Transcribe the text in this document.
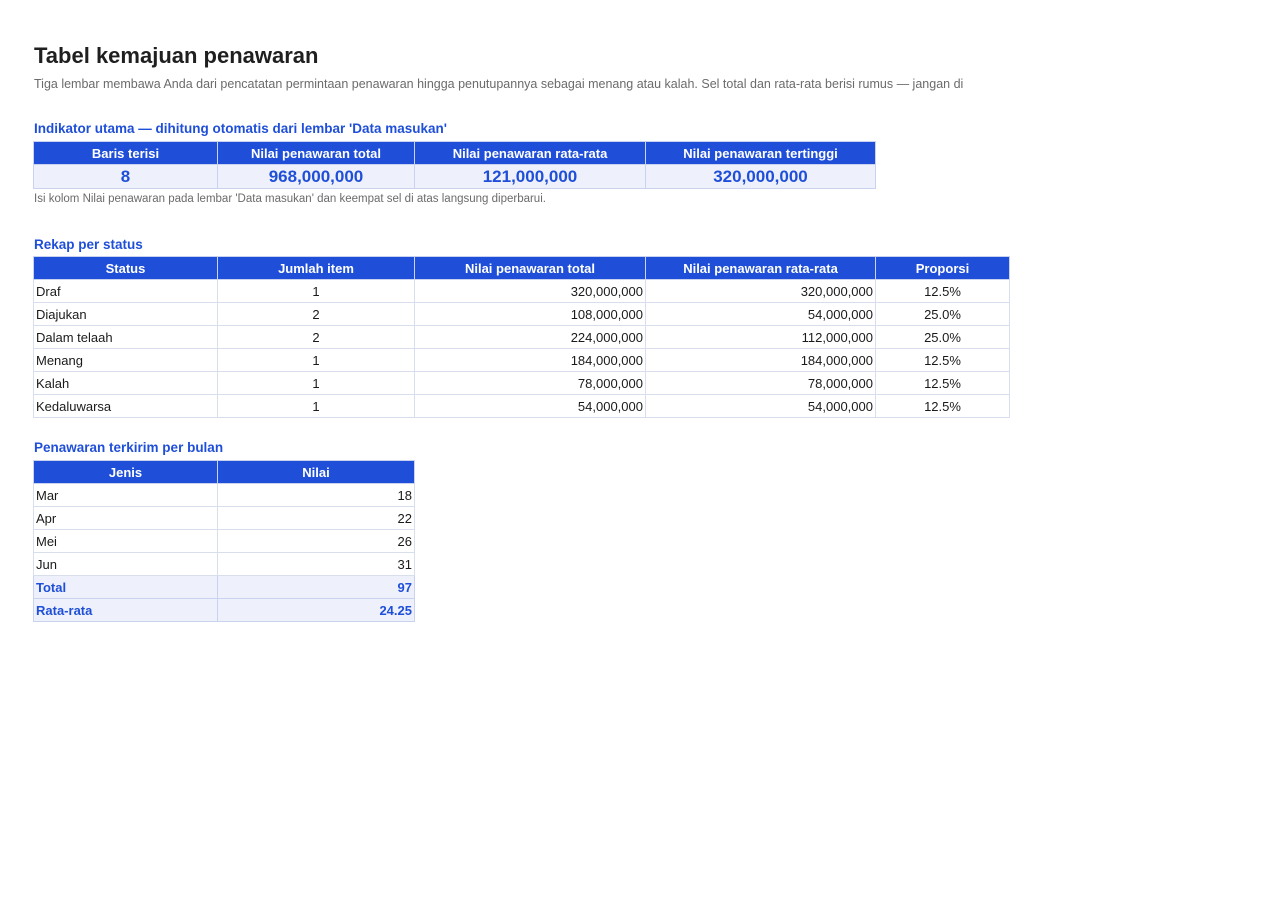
Tabel kemajuan penawaran
Tiga lembar membawa Anda dari pencatatan permintaan penawaran hingga penutupannya sebagai menang atau kalah. Sel total dan rata-rata berisi rumus — jangan di
Indikator utama — dihitung otomatis dari lembar 'Data masukan'
Baris terisi	Nilai penawaran total	Nilai penawaran rata-rata	Nilai penawaran tertinggi
8	968,000,000	121,000,000	320,000,000
Isi kolom Nilai penawaran pada lembar 'Data masukan' dan keempat sel di atas langsung diperbarui.
Rekap per status
Status	Jumlah item	Nilai penawaran total	Nilai penawaran rata-rata	Proporsi
Draf	1	320,000,000	320,000,000	12.5%
Diajukan	2	108,000,000	54,000,000	25.0%
Dalam telaah	2	224,000,000	112,000,000	25.0%
Menang	1	184,000,000	184,000,000	12.5%
Kalah	1	78,000,000	78,000,000	12.5%
Kedaluwarsa	1	54,000,000	54,000,000	12.5%
Penawaran terkirim per bulan
Jenis	Nilai
Mar	18
Apr	22
Mei	26
Jun	31
Total	97
Rata-rata	24.25
